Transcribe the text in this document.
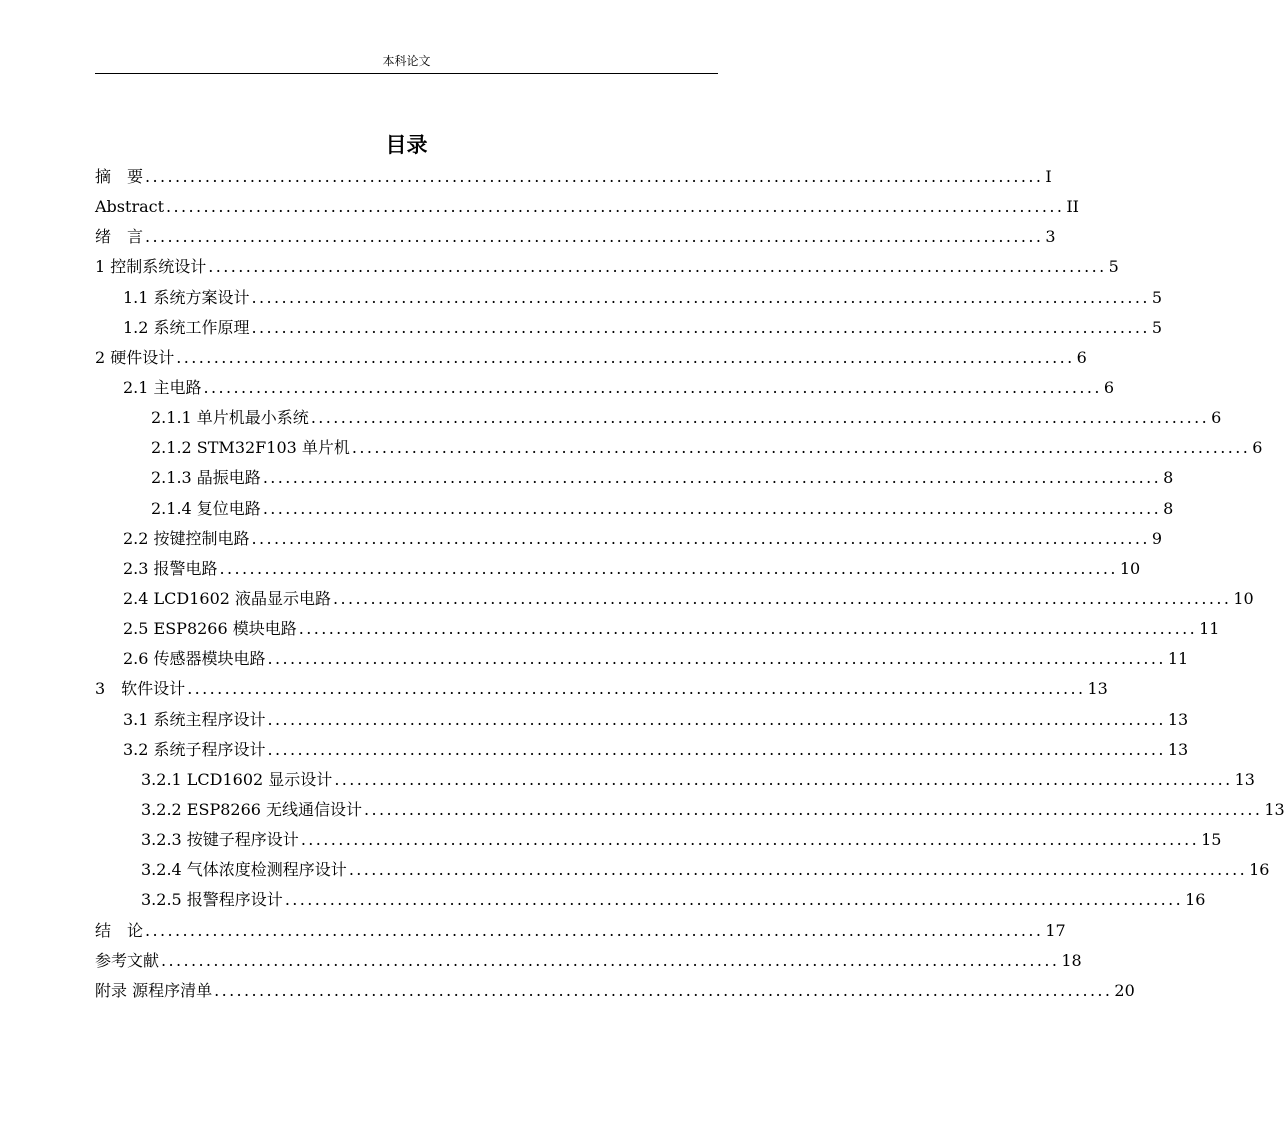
本科论文
目录
摘　要 ........................................................................................................................ I
Abstract ........................................................................................................................ II
绪　言 ........................................................................................................................ 3
1 控制系统设计 ........................................................................................................................ 5
1.1 系统方案设计 ........................................................................................................................ 5
1.2 系统工作原理 ........................................................................................................................ 5
2 硬件设计 ........................................................................................................................ 6
2.1 主电路 ........................................................................................................................ 6
2.1.1 单片机最小系统 ........................................................................................................................ 6
2.1.2 STM32F103 单片机 ........................................................................................................................ 6
2.1.3 晶振电路 ........................................................................................................................ 8
2.1.4 复位电路 ........................................................................................................................ 8
2.2 按键控制电路 ........................................................................................................................ 9
2.3 报警电路 ........................................................................................................................ 10
2.4 LCD1602 液晶显示电路 ........................................................................................................................ 10
2.5 ESP8266 模块电路 ........................................................................................................................ 11
2.6 传感器模块电路 ........................................................................................................................ 11
3　软件设计 ........................................................................................................................ 13
3.1 系统主程序设计 ........................................................................................................................ 13
3.2 系统子程序设计 ........................................................................................................................ 13
3.2.1 LCD1602 显示设计 ........................................................................................................................ 13
3.2.2 ESP8266 无线通信设计 ........................................................................................................................ 13
3.2.3 按键子程序设计 ........................................................................................................................ 15
3.2.4 气体浓度检测程序设计 ........................................................................................................................ 16
3.2.5 报警程序设计 ........................................................................................................................ 16
结　论 ........................................................................................................................ 17
参考文献 ........................................................................................................................ 18
附录 源程序清单 ........................................................................................................................ 20
